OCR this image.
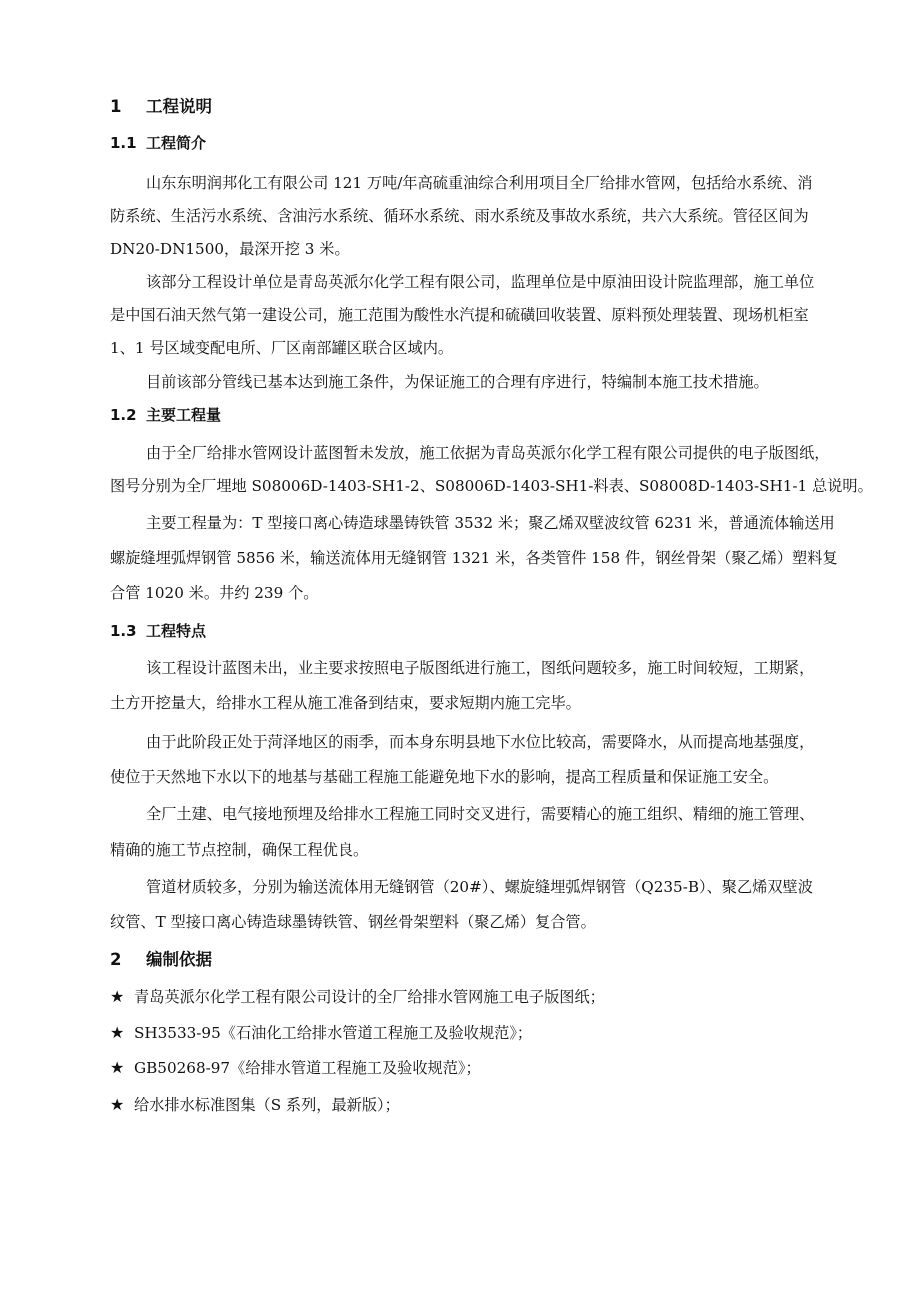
1 工程说明
1.1 工程简介
山东东明润邦化工有限公司 121 万吨/年高硫重油综合利用项目全厂给排水管网，包括给水系统、消
防系统、生活污水系统、含油污水系统、循环水系统、雨水系统及事故水系统，共六大系统。管径区间为
DN20-DN1500，最深开挖 3 米。
该部分工程设计单位是青岛英派尔化学工程有限公司，监理单位是中原油田设计院监理部，施工单位
是中国石油天然气第一建设公司，施工范围为酸性水汽提和硫磺回收装置、原料预处理装置、现场机柜室
1、1 号区域变配电所、厂区南部罐区联合区域内。
目前该部分管线已基本达到施工条件，为保证施工的合理有序进行，特编制本施工技术措施。
1.2 主要工程量
由于全厂给排水管网设计蓝图暂未发放，施工依据为青岛英派尔化学工程有限公司提供的电子版图纸，
图号分别为全厂埋地 S08006D-1403-SH1-2、S08006D-1403-SH1-料表、S08008D-1403-SH1-1 总说明。
主要工程量为：T 型接口离心铸造球墨铸铁管 3532 米；聚乙烯双壁波纹管 6231 米，普通流体输送用
螺旋缝埋弧焊钢管 5856 米，输送流体用无缝钢管 1321 米，各类管件 158 件，钢丝骨架（聚乙烯）塑料复
合管 1020 米。井约 239 个。
1.3 工程特点
该工程设计蓝图未出，业主要求按照电子版图纸进行施工，图纸问题较多，施工时间较短，工期紧，
土方开挖量大，给排水工程从施工准备到结束，要求短期内施工完毕。
由于此阶段正处于菏泽地区的雨季，而本身东明县地下水位比较高，需要降水，从而提高地基强度，
使位于天然地下水以下的地基与基础工程施工能避免地下水的影响，提高工程质量和保证施工安全。
全厂土建、电气接地预埋及给排水工程施工同时交叉进行，需要精心的施工组织、精细的施工管理、
精确的施工节点控制，确保工程优良。
管道材质较多，分别为输送流体用无缝钢管（20#）、螺旋缝埋弧焊钢管（Q235-B）、聚乙烯双壁波
纹管、T 型接口离心铸造球墨铸铁管、钢丝骨架塑料（聚乙烯）复合管。
2 编制依据
★ 青岛英派尔化学工程有限公司设计的全厂给排水管网施工电子版图纸；
★ SH3533-95《石油化工给排水管道工程施工及验收规范》；
★ GB50268-97《给排水管道工程施工及验收规范》；
★ 给水排水标准图集（S 系列，最新版）；
